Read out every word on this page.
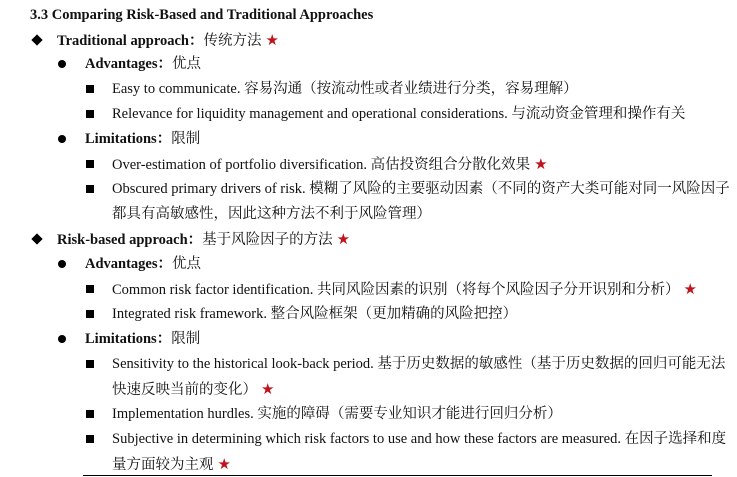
3.3 Comparing Risk-Based and Traditional Approaches
Traditional approach：传统方法 ★
Advantages：优点
Easy to communicate. 容易沟通（按流动性或者业绩进行分类，容易理解）
Relevance for liquidity management and operational considerations. 与流动资金管理和操作有关
Limitations：限制
Over-estimation of portfolio diversification. 高估投资组合分散化效果 ★
Obscured primary drivers of risk. 模糊了风险的主要驱动因素（不同的资产大类可能对同一风险因子
都具有高敏感性，因此这种方法不利于风险管理）
Risk-based approach：基于风险因子的方法 ★
Advantages：优点
Common risk factor identification. 共同风险因素的识别（将每个风险因子分开识别和分析） ★
Integrated risk framework. 整合风险框架（更加精确的风险把控）
Limitations：限制
Sensitivity to the historical look-back period. 基于历史数据的敏感性（基于历史数据的回归可能无法
快速反映当前的变化） ★
Implementation hurdles. 实施的障碍（需要专业知识才能进行回归分析）
Subjective in determining which risk factors to use and how these factors are measured. 在因子选择和度
量方面较为主观 ★
